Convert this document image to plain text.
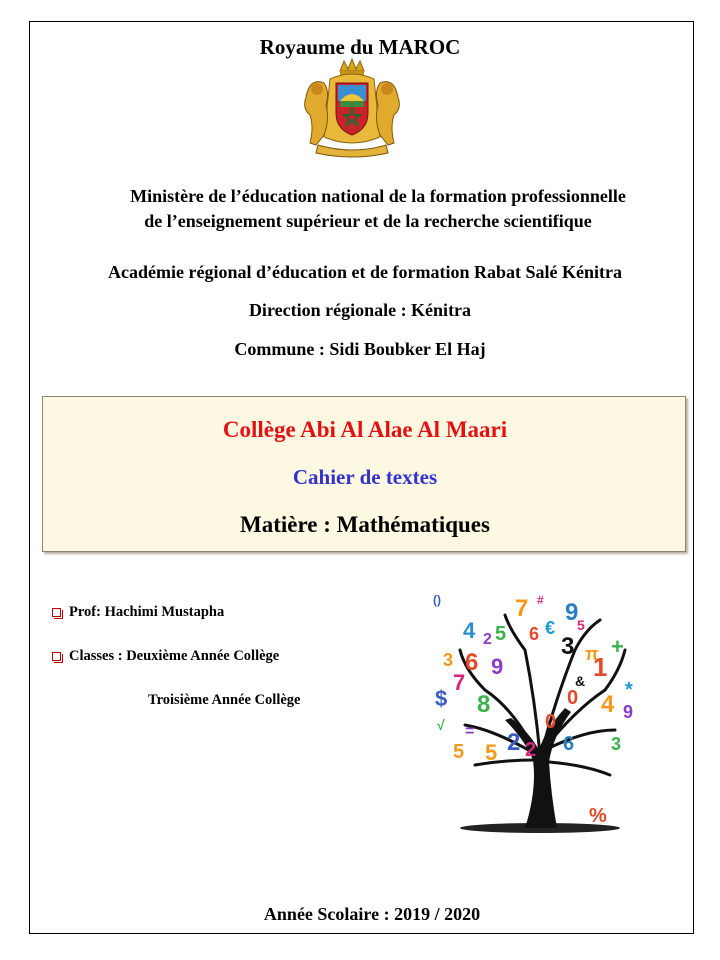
Royaume du MAROC
Ministère de l’éducation national de la formation professionnelle
de l’enseignement supérieur et de la recherche scientifique
Académie régional d’éducation et de formation Rabat Salé Kénitra
Direction régionale : Kénitra
Commune : Sidi Boubker El Haj
Collège Abi Al Alae Al Maari
Cahier de textes
Matière : Mathématiques
Prof: Hachimi Mustapha
Classes : Deuxième Année Collège
Troisième Année Collège
()	7 # 9
4 2 5 6 € 5
3
6 9	π
1
+
3
$ 8
7
0
&
4
*
9
5 2
0
6
5	2
%
√ =
3
Année Scolaire : 2019 / 2020
